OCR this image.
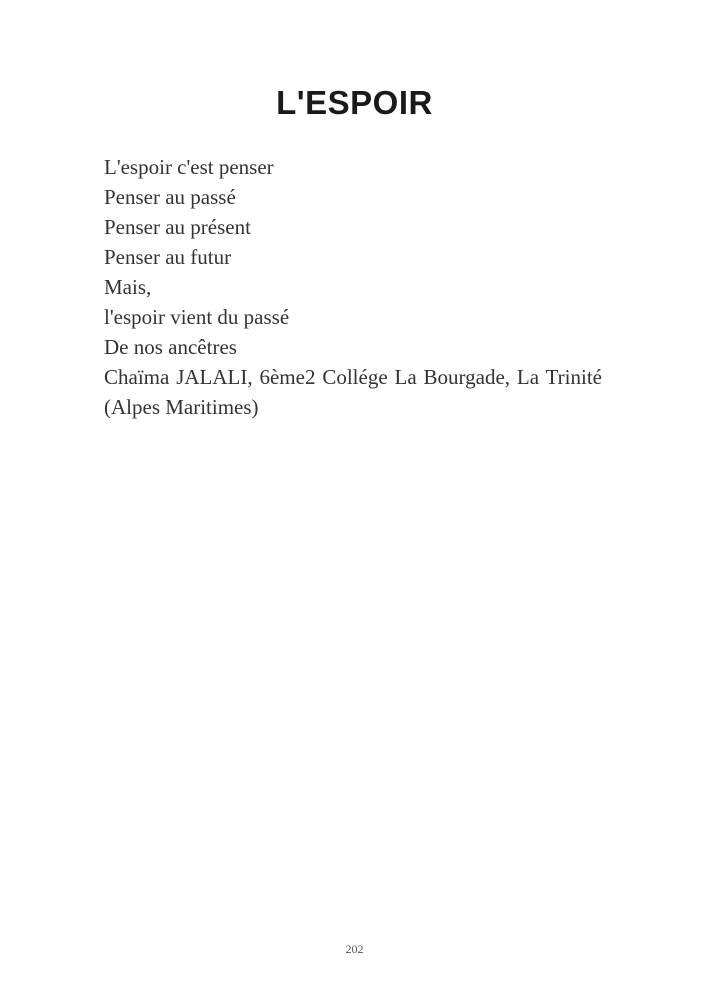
L'ESPOIR
L'espoir c'est penser
Penser au passé
Penser au présent
Penser au futur
Mais,
l'espoir vient du passé
De nos ancêtres
Chaïma JALALI, 6ème2 Collége La Bourgade, La Trinité (Alpes Maritimes)
202
